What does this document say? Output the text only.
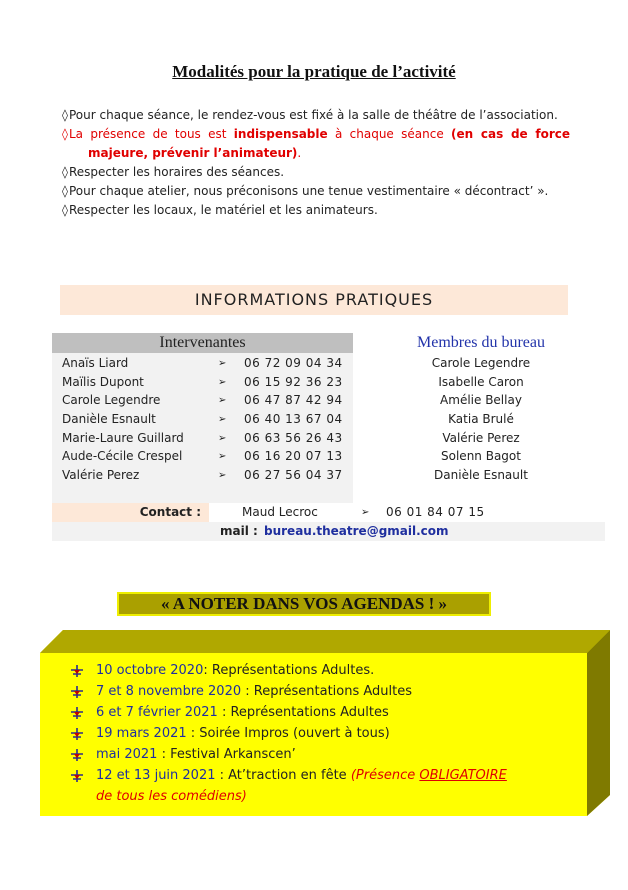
Modalités pour la pratique de l’activité
◊Pour chaque séance, le rendez-vous est fixé à la salle de théâtre de l’association.
◊La présence de tous est indispensable à chaque séance (en cas de force majeure, prévenir l’animateur).
◊Respecter les horaires des séances.
◊Pour chaque atelier, nous préconisons une tenue vestimentaire « décontract’ ».
◊Respecter les locaux, le matériel et les animateurs.
INFORMATIONS PRATIQUES
Intervenantes
Anaïs Liard	➢ 06 72 09 04 34
Maïlis Dupont	➢ 06 15 92 36 23
Carole Legendre	➢ 06 47 87 42 94
Danièle Esnault	➢ 06 40 13 67 04
Marie-Laure Guillard	➢ 06 63 56 26 43
Aude-Cécile Crespel	➢ 06 16 20 07 13
Valérie Perez	➢ 06 27 56 04 37
Membres du bureau
Carole Legendre
Isabelle Caron
Amélie Bellay
Katia Brulé
Valérie Perez
Solenn Bagot
Danièle Esnault
Contact :	Maud Lecroc	➢ 06 01 84 07 15
mail : bureau.theatre@gmail.com
« A NOTER DANS VOS AGENDAS ! »
10 octobre 2020: Représentations Adultes.
7 et 8 novembre 2020 : Représentations Adultes
6 et 7 février 2021 : Représentations Adultes
19 mars 2021 : Soirée Impros (ouvert à tous)
mai 2021 : Festival Arkanscen’
12 et 13 juin 2021 : At’traction en fête (Présence OBLIGATOIRE
de tous les comédiens)
